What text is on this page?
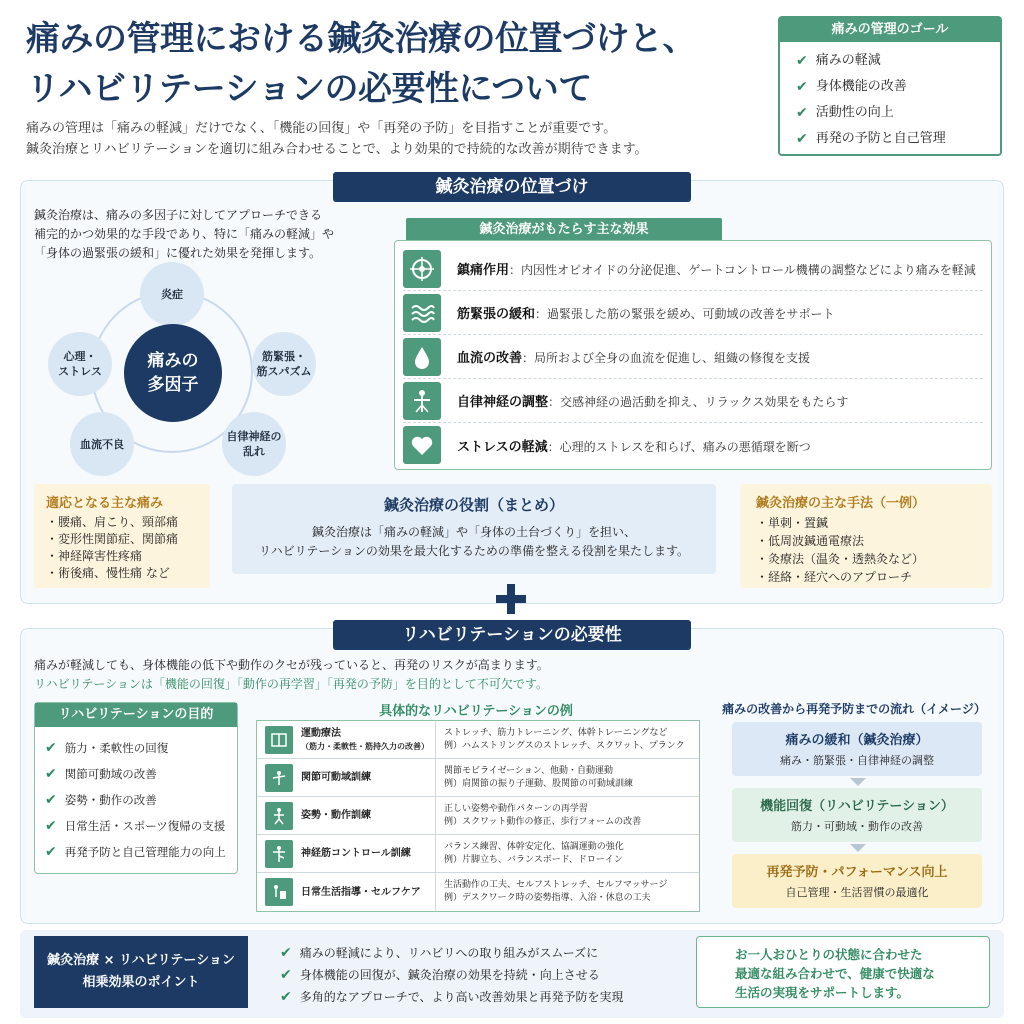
痛みの管理における鍼灸治療の位置づけと、
リハビリテーションの必要性について
痛みの管理は「痛みの軽減」だけでなく、「機能の回復」や「再発の予防」を目指すことが重要です。
鍼灸治療とリハビリテーションを適切に組み合わせることで、より効果的で持続的な改善が期待できます。
痛みの管理のゴール
✔ 痛みの軽減
✔ 身体機能の改善
✔ 活動性の向上
✔ 再発の予防と自己管理
鍼灸治療の位置づけ
鍼灸治療は、痛みの多因子に対してアプローチできる
補完的かつ効果的な手段であり、特に「痛みの軽減」や
「身体の過緊張の緩和」に優れた効果を発揮します。
炎症
筋緊張・
筋スパズム
自律神経の
乱れ
血流不良
心理・
ストレス
痛みの
多因子
鍼灸治療がもたらす主な効果
鎮痛作用：内因性オピオイドの分泌促進、ゲートコントロール機構の調整などにより痛みを軽減
筋緊張の緩和：過緊張した筋の緊張を緩め、可動域の改善をサポート
血流の改善：局所および全身の血流を促進し、組織の修復を支援
自律神経の調整：交感神経の過活動を抑え、リラックス効果をもたらす
ストレスの軽減：心理的ストレスを和らげ、痛みの悪循環を断つ
適応となる主な痛み
・腰痛、肩こり、頸部痛
・変形性関節症、関節痛
・神経障害性疼痛
・術後痛、慢性痛 など
鍼灸治療の役割（まとめ）
鍼灸治療は「痛みの軽減」や「身体の土台づくり」を担い、
リハビリテーションの効果を最大化するための準備を整える役割を果たします。
鍼灸治療の主な手法（一例）
・単刺・置鍼
・低周波鍼通電療法
・灸療法（温灸・透熱灸など）
・経絡・経穴へのアプローチ
リハビリテーションの必要性
痛みが軽減しても、身体機能の低下や動作のクセが残っていると、再発のリスクが高まります。
リハビリテーションは「機能の回復」「動作の再学習」「再発の予防」を目的として不可欠です。
リハビリテーションの目的
✔ 筋力・柔軟性の回復
✔ 関節可動域の改善
✔ 姿勢・動作の改善
✔ 日常生活・スポーツ復帰の支援
✔ 再発予防と自己管理能力の向上
具体的なリハビリテーションの例
運動療法
（筋力・柔軟性・筋持久力の改善）
ストレッチ、筋力トレーニング、体幹トレーニングなど
例）ハムストリングスのストレッチ、スクワット、プランク
関節可動域訓練
関節モビライゼーション、他動・自動運動
例）肩関節の振り子運動、股関節の可動域訓練
姿勢・動作訓練
正しい姿勢や動作パターンの再学習
例）スクワット動作の修正、歩行フォームの改善
神経筋コントロール訓練
バランス練習、体幹安定化、協調運動の強化
例）片脚立ち、バランスボード、ドローイン
日常生活指導・セルフケア
生活動作の工夫、セルフストレッチ、セルフマッサージ
例）デスクワーク時の姿勢指導、入浴・休息の工夫
痛みの改善から再発予防までの流れ（イメージ）
痛みの緩和（鍼灸治療）
痛み・筋緊張・自律神経の調整
機能回復（リハビリテーション）
筋力・可動域・動作の改善
再発予防・パフォーマンス向上
自己管理・生活習慣の最適化
鍼灸治療 × リハビリテーション
相乗効果のポイント
✔ 痛みの軽減により、リハビリへの取り組みがスムーズに
✔ 身体機能の回復が、鍼灸治療の効果を持続・向上させる
✔ 多角的なアプローチで、より高い改善効果と再発予防を実現
お一人おひとりの状態に合わせた
最適な組み合わせで、健康で快適な
生活の実現をサポートします。
